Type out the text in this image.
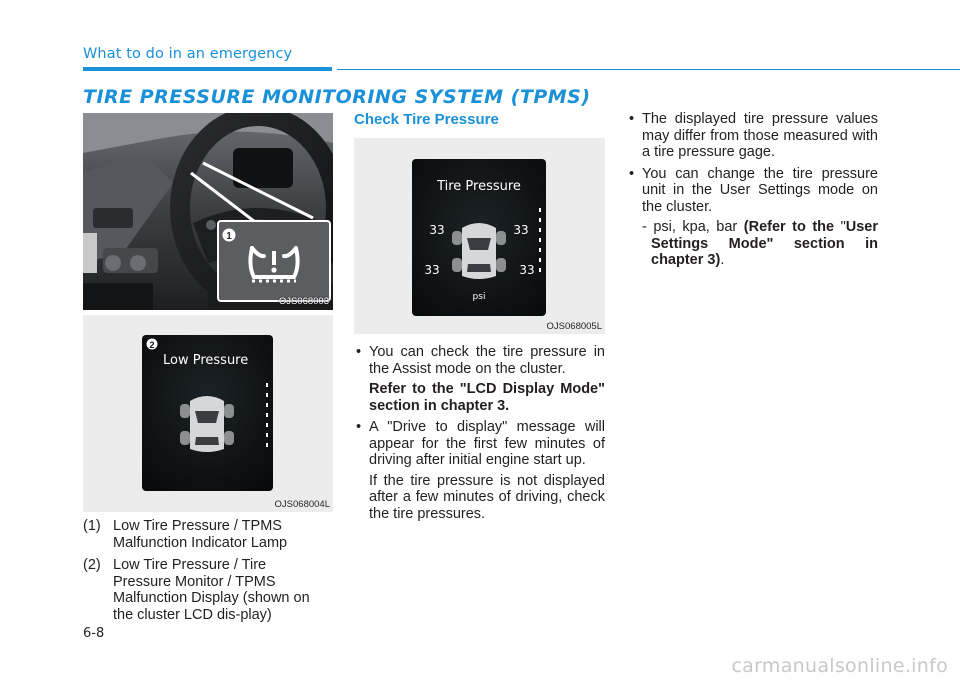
What to do in an emergency
TIRE PRESSURE MONITORING SYSTEM (TPMS)
1
OJS068003
Low Pressure
2
OJS068004L
Tire Pressure
33	33
33	33
psi
OJS068005L
(1) Low Tire Pressure / TPMS Malfunction Indicator Lamp
(2) Low Tire Pressure / Tire Pressure Monitor / TPMS Malfunction Display (shown on the cluster LCD dis-play)
Check Tire Pressure
• You can check the tire pressure in the Assist mode on the cluster.
Refer to the "LCD Display Mode" section in chapter 3.
• A "Drive to display" message will appear for the first few minutes of driving after initial engine start up.
If the tire pressure is not displayed after a few minutes of driving, check the tire pressures.
• The displayed tire pressure values may differ from those measured with a tire pressure gage.
• You can change the tire pressure unit in the User Settings mode on the cluster.
- psi, kpa, bar (Refer to the "User Settings Mode" section in chapter 3).
6-8
carmanualsonline.info
